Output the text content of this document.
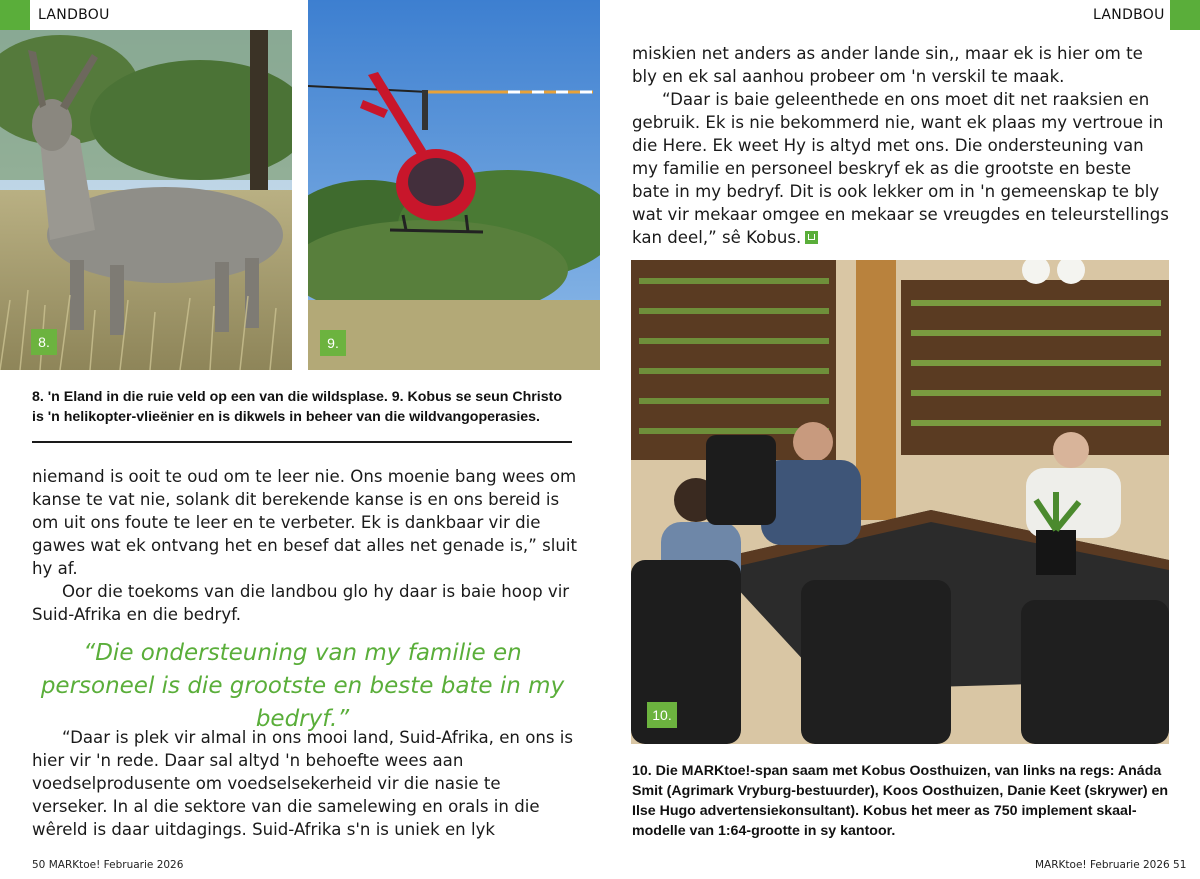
LANDBOU	LANDBOU
8.	9.
8. 'n Eland in die ruie veld op een van die wildsplase. 9. Kobus se seun Christo is 'n helikopter-vlieënier en is dikwels in beheer van die wildvangoperasies.

niemand is ooit te oud om te leer nie. Ons moenie bang wees om kanse te vat nie, solank dit berekende kanse is en ons bereid is om uit ons foute te leer en te verbeter. Ek is dankbaar vir die gawes wat ek ontvang het en besef dat alles net genade is,” sluit hy af.

Oor die toekoms van die landbou glo hy daar is baie hoop vir Suid-Afrika en die bedryf.

“Die ondersteuning van my familie en personeel is die grootste en beste bate in my bedryf.”

“Daar is plek vir almal in ons mooi land, Suid-Afrika, en ons is hier vir 'n rede. Daar sal altyd 'n behoefte wees aan voedselprodusente om voedselsekerheid vir die nasie te verseker. In al die sektore van die samelewing en orals in die wêreld is daar uitdagings. Suid-Afrika s'n is uniek en lyk

50 MARKtoe! Februarie 2026

miskien net anders as ander lande sin,, maar ek is hier om te bly en ek sal aanhou probeer om 'n verskil te maak.

“Daar is baie geleenthede en ons moet dit net raaksien en gebruik. Ek is nie bekommerd nie, want ek plaas my vertroue in die Here. Ek weet Hy is altyd met ons. Die ondersteuning van my familie en personeel beskryf ek as die grootste en beste bate in my bedryf. Dit is ook lekker om in 'n gemeenskap te bly wat vir mekaar omgee en mekaar se vreugdes en teleurstellings kan deel,” sê Kobus.

10.
10. Die MARKtoe!-span saam met Kobus Oosthuizen, van links na regs: Anáda Smit (Agrimark Vryburg-bestuurder), Koos Oosthuizen, Danie Keet (skrywer) en Ilse Hugo advertensiekonsultant). Kobus het meer as 750 implement skaal-modelle van 1:64-grootte in sy kantoor.
MARKtoe! Februarie 2026 51
